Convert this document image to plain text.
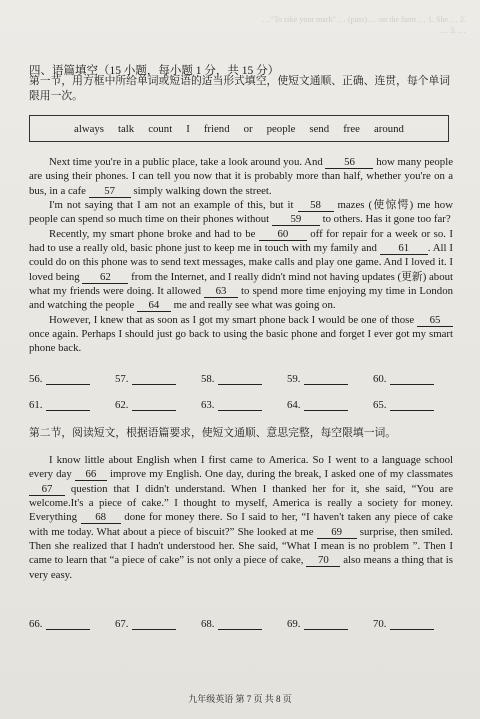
…“To take your mark” … (pass) … on the farm … 1. She … 2. … 3. …
四、语篇填空（15 小题，每小题 1 分，共 15 分）
第一节，用方框中所给单词或短语的适当形式填空，使短文通顺、正确、连贯，每个单词限用一次。
always	talk	count	I	friend	or	people	send	free	around

Next time you're in a public place, take a look around you. And 56 how many people are using their phones. I can tell you now that it is probably more than half, whether you're on a bus, in a cafe 57 simply walking down the street.

I'm not saying that I am not an example of this, but it 58 mazes (使惊愕) me how people can spend so much time on their phones without 59 to others. Has it gone too far?

Recently, my smart phone broke and had to be 60 off for repair for a week or so. I had to use a really old, basic phone just to keep me in touch with my family and 61 . All I could do on this phone was to send text messages, make calls and play one game. And I loved it. I loved being 62 from the Internet, and I really didn't mind not having updates (更新) about what my friends were doing. It allowed 63 to spend more time enjoying my time in London and watching the people 64 me and really see what was going on.

However, I knew that as soon as I got my smart phone back I would be one of those 65 once again. Perhaps I should just go back to using the basic phone and forget I ever got my smart phone back.

56.	57.	58.	59.	60.
61.	62.	63.	64.	65.
第二节，阅读短文，根据语篇要求，使短文通顺、意思完整，每空限填一词。

I know little about English when I first came to America. So I went to a language school every day 66 improve my English. One day, during the break, I asked one of my classmates 67 question that I didn't understand. When I thanked her for it, she said, “You are welcome.It's a piece of cake.” I thought to myself, America is really a society for money. Everything 68 done for money there. So I said to her, “I haven't taken any piece of cake with me today. What about a piece of biscuit?” She looked at me 69 surprise, then smiled. Then she realized that I hadn't understood her. She said, “What I mean is no problem ”. Then I came to learn that “a piece of cake” is not only a piece of cake, 70 also means a thing that is very easy.

66.	67.	68.	69.	70.
九年级英语 第 7 页 共 8 页
